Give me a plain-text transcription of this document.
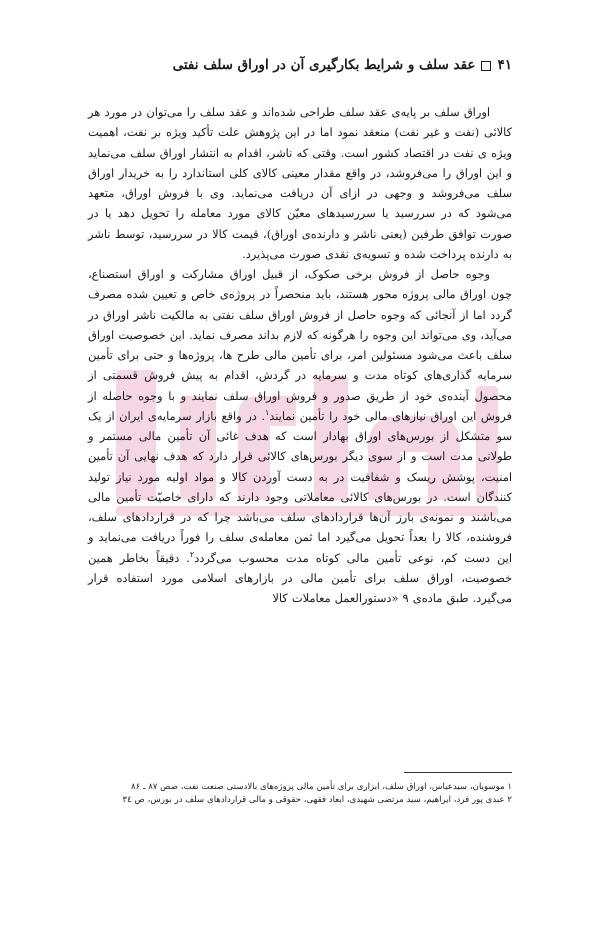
۴۱
عقد سلف و شرایط بکارگیری آن در اوراق سلف نفتی

اوراق سلف بر پایه‌ی عقد سلف طراحی شده‌اند و عقد سلف را می‌توان در مورد هر کالائی (نفت و غیر نفت) منعقد نمود اما در این پژوهش علت تأکید ویژه بر نفت، اهمیت ویژه ی نفت در اقتصاد کشور است. وقتی که ناشر، اقدام به انتشار اوراق سلف می‌نماید و این اوراق را می‌فروشد، در واقع مقدار معینی کالای کلی استاندارد را به خریدار اوراق سلف می‌فروشد و وجهی در ازای آن دریافت می‌نماید. وی با فروش اوراق، متعهد می‌شود که در سررسید یا سررسیدهای معیّن کالای مورد معامله را تحویل دهد یا در صورت توافق طرفین (یعنی ناشر و دارنده‌ی اوراق)، قیمت کالا در سررسید، توسط ناشر به دارنده پرداخت شده و تسویه‌ی نقدی صورت می‌پذیرد.

وجوه حاصل از فروش برخی صکوک، از قبیل اوراق مشارکت و اوراق استصناع، چون اوراق مالی پروژه محور هستند، باید منحصراً در پروژه‌ی خاص و تعیین شده مصرف گردد اما از آنجائی که وجوه حاصل از فروش اوراق سلف نفتی به مالکیت ناشر اوراق در می‌آید، وی می‌تواند این وجوه را هرگونه که لازم بداند مصرف نماید. این خصوصیت اوراق سلف باعث می‌شود مسئولین امر، برای تأمین مالی طرح ها، پروژه‌ها و حتی برای تأمین سرمایه گذاری‌های کوتاه مدت و سرمایه در گردش، اقدام به پیش فروش قسمتی از محصول آینده‌ی خود از طریق صدور و فروش اوراق سلف نمایند و با وجوه حاصله از فروش این اوراق نیازهای مالی خود را تأمین نمایند$^۱$. در واقع بازار سرمایه‌ی ایران از یک سو متشکل از بورس‌های اوراق بهادار است که هدف غائی آن تأمین مالی مستمر و طولانی مدت است و از سوی دیگر بورس‌های کالائی قرار دارد که هدف نهایی آن تأمین امنیت، پوشش ریسک و شفافیت در به دست آوردن کالا و مواد اولیه مورد نیاز تولید کنندگان است. در بورس‌های کالائی معاملاتی وجود دارند که دارای خاصیّت تأمین مالی می‌باشند و نمونه‌ی بارز آن‌ها قراردادهای سلف می‌باشد چرا که در قراردادهای سلف، فروشنده، کالا را بعداً تحویل می‌گیرد اما ثمن معامله‌ی سلف را فوراً دریافت می‌نماید و این دست کم، نوعی تأمین مالی کوتاه مدت محسوب می‌گردد$^۲$. دقیقاً بخاطر همین خصوصیت، اوراق سلف برای تأمین مالی در بازارهای اسلامی مورد استفاده قرار می‌گیرد. طبق ماده‌ی ۹ «دستورالعمل معاملات کالا

۱ موسویان، سیدعباس، اوراق سلف، ابزاری برای تأمین مالی پروژه‌های بالادستی صنعت نفت، صص ۸۷ ـ ۸۶
۲ عبدی پور فرد، ابراهیم، سید مرتضی شهیدی، ابعاد فقهی، حقوقی و مالی قراردادهای سلف در بورس، ص ۳٤
